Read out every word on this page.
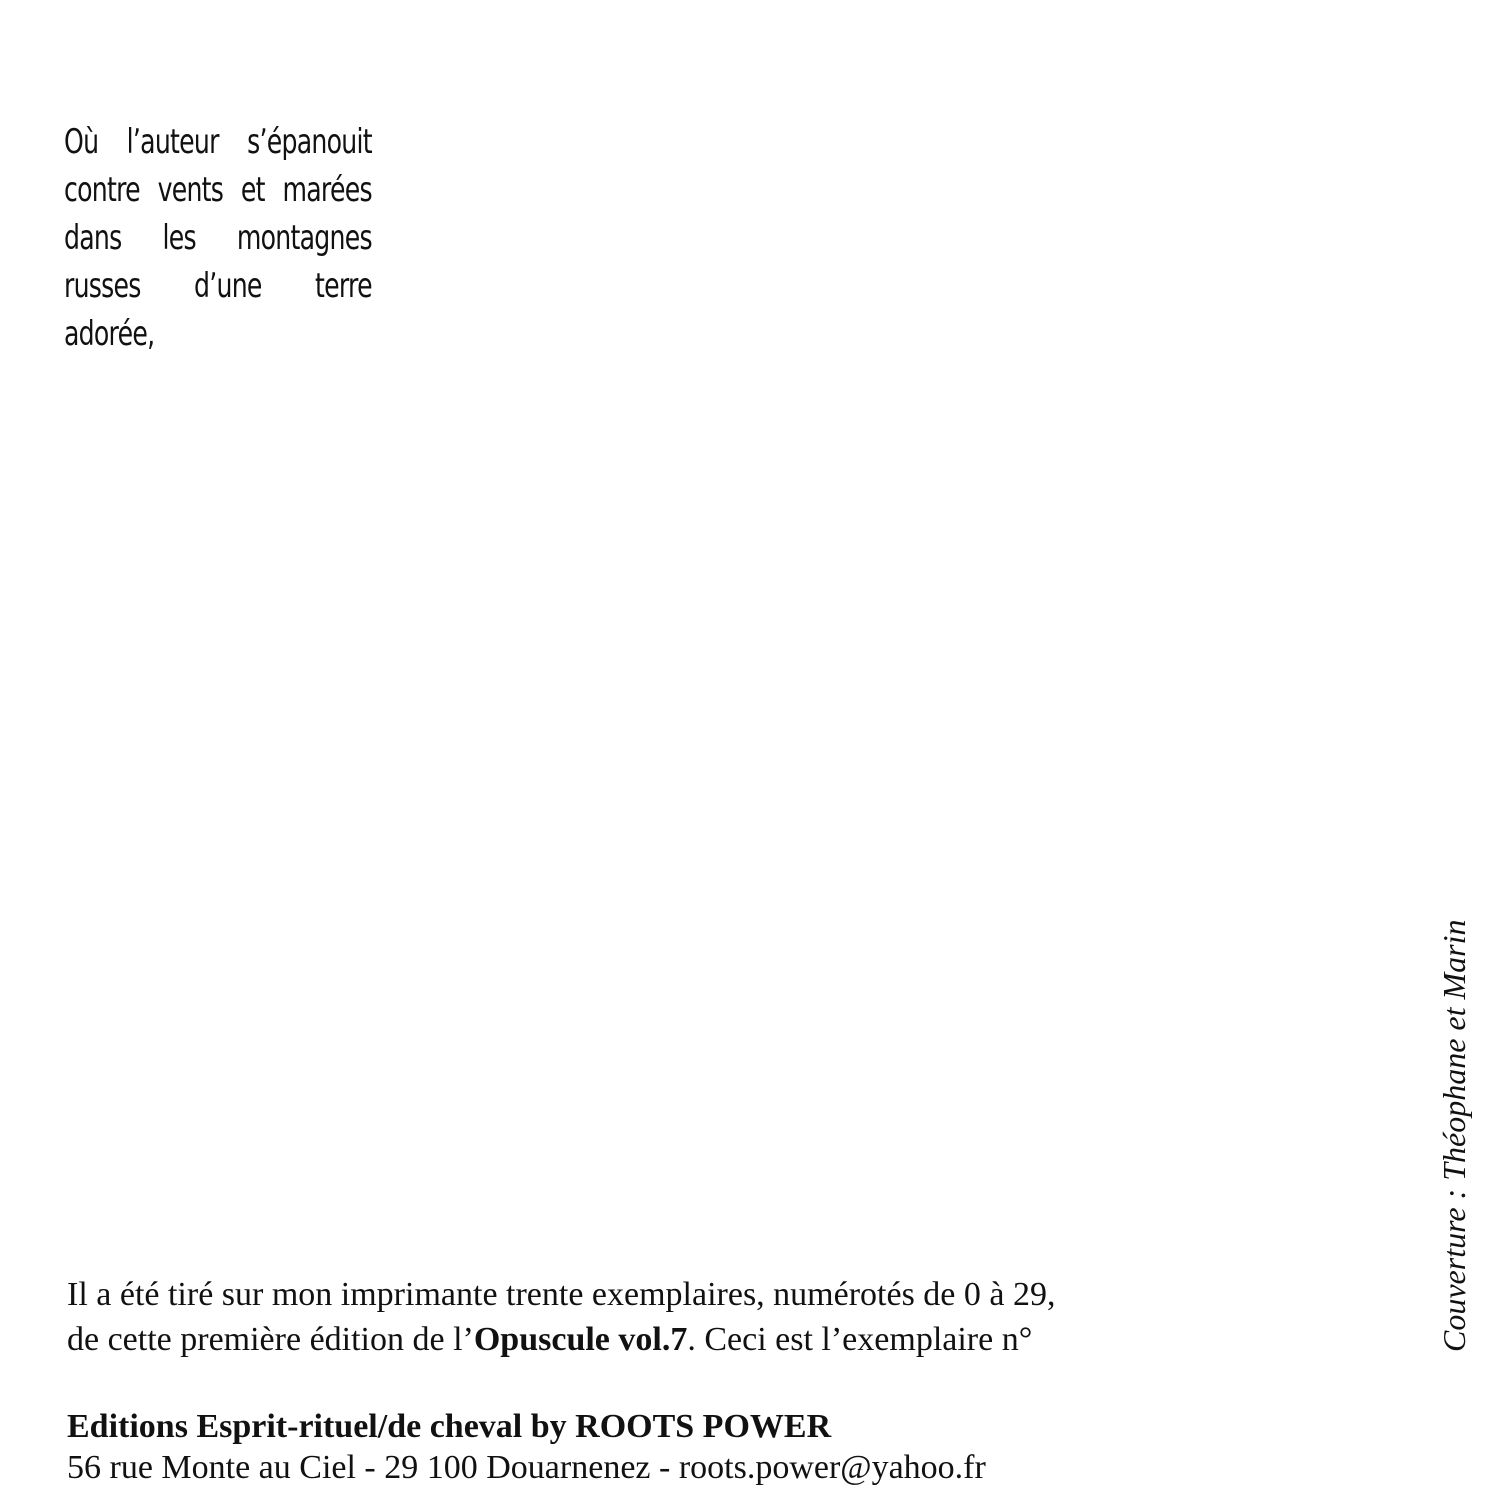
Où l’auteur s’épanouit
contre vents et marées
dans les montagnes
russes d’une terre
adorée,
Il a été tiré sur mon imprimante trente exemplaires, numérotés de 0 à 29,
de cette première édition de l’Opuscule vol.7. Ceci est l’exemplaire n°
Editions Esprit-rituel/de cheval by ROOTS POWER
56 rue Monte au Ciel - 29 100 Douarnenez - roots.power@yahoo.fr
Couverture : Théophane et Marin
